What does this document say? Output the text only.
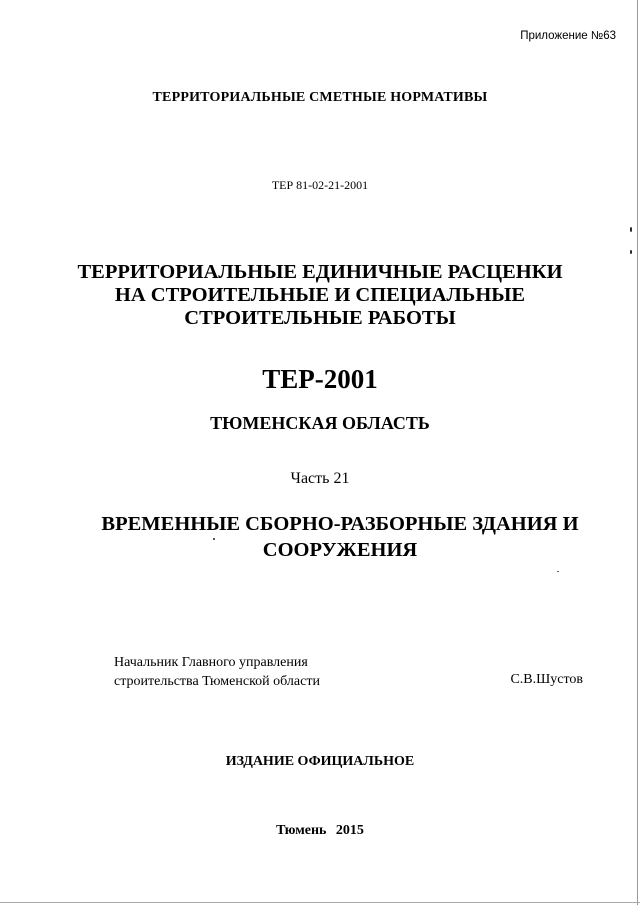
Приложение №63
ТЕРРИТОРИАЛЬНЫЕ СМЕТНЫЕ НОРМАТИВЫ
ТЕР 81-02-21-2001
ТЕРРИТОРИАЛЬНЫЕ ЕДИНИЧНЫЕ РАСЦЕНКИ
НА СТРОИТЕЛЬНЫЕ И СПЕЦИАЛЬНЫЕ
СТРОИТЕЛЬНЫЕ РАБОТЫ
ТЕР-2001
ТЮМЕНСКАЯ ОБЛАСТЬ
Часть 21
ВРЕМЕННЫЕ СБОРНО-РАЗБОРНЫЕ ЗДАНИЯ И
СООРУЖЕНИЯ
Начальник Главного управления
строительства Тюменской области	С.В.Шустов
ИЗДАНИЕ ОФИЦИАЛЬНОЕ
Тюмень 2015
